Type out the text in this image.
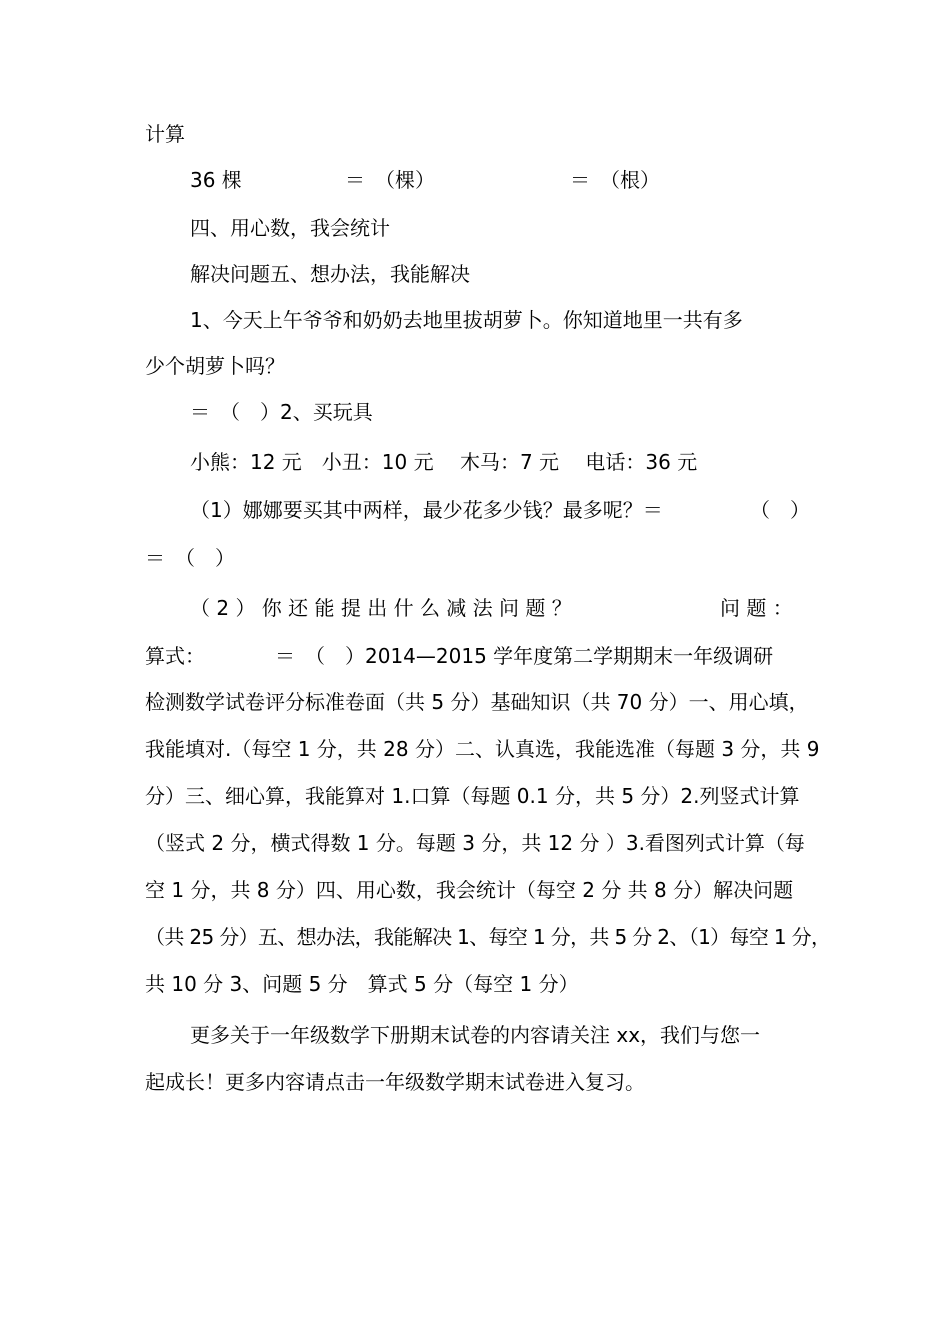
计算
36 棵	＝　（棵）	＝　（根）
四、用心数，我会统计
解决问题五、想办法，我能解决
1、今天上午爷爷和奶奶去地里拔胡萝卜。你知道地里一共有多
少个胡萝卜吗？
＝　（　）2、买玩具
小熊：12 元　小丑：10 元　 木马：7 元　 电话：36 元
（1）娜娜要买其中两样，最少花多少钱？最多呢？＝	（　）
＝　（　）
（ 2 ） 你 还 能 提 出 什 么 减 法 问 题 ？	问 题 ：
算式：	＝　（　）2014—2015 学年度第二学期期末一年级调研
检测数学试卷评分标准卷面（共 5 分）基础知识（共 70 分）一、用心填，
我能填对.（每空 1 分，共 28 分）二、认真选，我能选准（每题 3 分，共 9
分）三、细心算，我能算对 1.口算（每题 0.1 分，共 5 分）2.列竖式计算
（竖式 2 分，横式得数 1 分。每题 3 分，共 12 分 ）3.看图列式计算（每
空 1 分，共 8 分）四、用心数，我会统计（每空 2 分 共 8 分）解决问题
（共 25 分）五、想办法，我能解决 1、每空 1 分，共 5 分 2、（1）每空 1 分，
共 10 分 3、问题 5 分　算式 5 分（每空 1 分）
更多关于一年级数学下册期末试卷的内容请关注 xx，我们与您一
起成长！更多内容请点击一年级数学期末试卷进入复习。
